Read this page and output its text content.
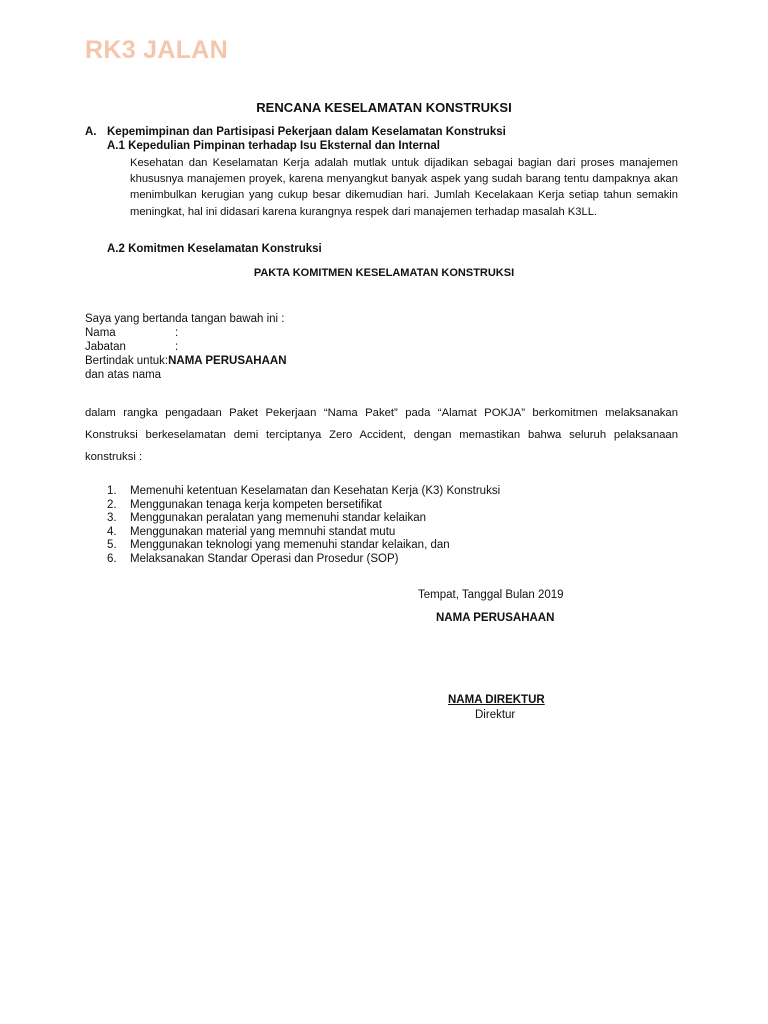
RK3 JALAN
RENCANA KESELAMATAN KONSTRUKSI
A. Kepemimpinan dan Partisipasi Pekerjaan dalam Keselamatan Konstruksi
A.1 Kepedulian Pimpinan terhadap Isu Eksternal dan Internal
Kesehatan dan Keselamatan Kerja adalah mutlak untuk dijadikan sebagai bagian dari proses manajemen khususnya manajemen proyek, karena menyangkut banyak aspek yang sudah barang tentu dampaknya akan menimbulkan kerugian yang cukup besar dikemudian hari. Jumlah Kecelakaan Kerja setiap tahun semakin meningkat, hal ini didasari karena kurangnya respek dari manajemen terhadap masalah K3LL.
A.2 Komitmen Keselamatan Konstruksi
PAKTA KOMITMEN KESELAMATAN KONSTRUKSI
Saya yang bertanda tangan bawah ini :
Nama	:
Jabatan	:
Bertindak untuk:NAMA PERUSAHAAN
dan atas nama
dalam rangka pengadaan Paket Pekerjaan “Nama Paket” pada “Alamat POKJA” berkomitmen melaksanakan Konstruksi berkeselamatan demi terciptanya Zero Accident, dengan memastikan bahwa seluruh pelaksanaan konstruksi :
1. Memenuhi ketentuan Keselamatan dan Kesehatan Kerja (K3) Konstruksi
2. Menggunakan tenaga kerja kompeten bersetifikat
3. Menggunakan peralatan yang memenuhi standar kelaikan
4. Menggunakan material yang memnuhi standat mutu
5. Menggunakan teknologi yang memenuhi standar kelaikan, dan
6. Melaksanakan Standar Operasi dan Prosedur (SOP)
Tempat, Tanggal Bulan 2019
NAMA PERUSAHAAN
NAMA DIREKTUR
Direktur
